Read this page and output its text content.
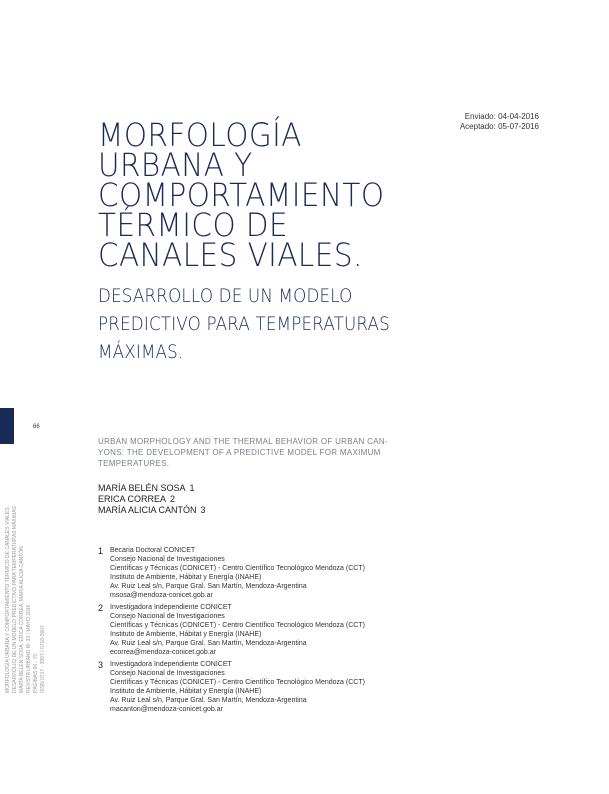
Enviado: 04-04-2016
Aceptado: 05-07-2016
MORFOLOGÍA
URBANA Y
COMPORTAMIENTO
TÉRMICO DE
CANALES VIALES.
DESARROLLO DE UN MODELO
PREDICTIVO PARA TEMPERATURAS
MÁXIMAS.
66
URBAN MORPHOLOGY AND THE THERMAL BEHAVIOR OF URBAN CAN-
YONS: THE DEVELOPMENT OF A PREDICTIVE MODEL FOR MAXIMUM
TEMPERATURES.
MARÍA BELÉN SOSA 1
ERICA CORREA 2
MARÍA ALICIA CANTÓN 3
1 Becaria Doctoral CONICET
Consejo Nacional de Investigaciones
Científicas y Técnicas (CONICET) - Centro Científico Tecnológico Mendoza (CCT)
Instituto de Ambiente, Hábitat y Energía (INAHE)
Av. Ruiz Leal s/n, Parque Gral. San Martín, Mendoza-Argentina
msosa@mendoza-conicet.gob.ar
2 Investigadora Independiente CONICET
Consejo Nacional de Investigaciones
Científicas y Técnicas (CONICET) - Centro Científico Tecnológico Mendoza (CCT)
Instituto de Ambiente, Hábitat y Energía (INAHE)
Av. Ruiz Leal s/n, Parque Gral. San Martín, Mendoza-Argentina
ecorrea@mendoza-conicet.gob.ar
3 Investigadora Independiente CONICET
Consejo Nacional de Investigaciones
Científicas y Técnicas (CONICET) - Centro Científico Tecnológico Mendoza (CCT)
Instituto de Ambiente, Hábitat y Energía (INAHE)
Av. Ruiz Leal s/n, Parque Gral. San Martín, Mendoza-Argentina
macanton@mendoza-conicet.gob.ar
MORFOLOGÍA URBANA Y COMPORTAMIENTO TÉRMICO DE CANALES VIALES. DESARROLLO DE UN MODELO PREDICTIVO PARA TEMPERATURAS MÁXIMAS MARÍA BELÉN SOSA, ERICA CORREA, MARÍA ALICIA CANTÓN REVISTA URBANO Nº 33 / MAYO 2016 PÁGINAS 66 - 75 ISSN 0717 - 3997 / 0718-3607
